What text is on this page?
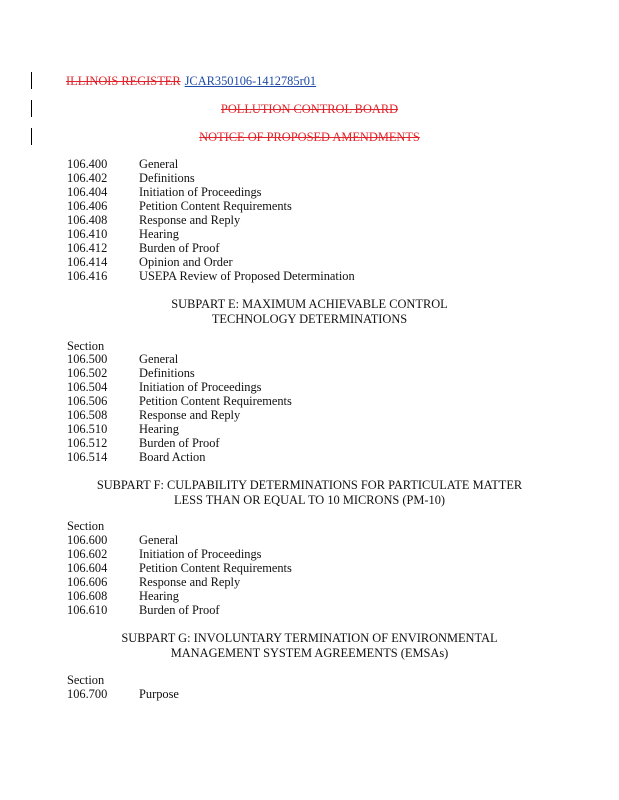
ILLINOIS REGISTER JCAR350106-1412785r01
POLLUTION CONTROL BOARD
NOTICE OF PROPOSED AMENDMENTS
106.400	General
106.402	Definitions
106.404	Initiation of Proceedings
106.406	Petition Content Requirements
106.408	Response and Reply
106.410	Hearing
106.412	Burden of Proof
106.414	Opinion and Order
106.416	USEPA Review of Proposed Determination
SUBPART E: MAXIMUM ACHIEVABLE CONTROL
TECHNOLOGY DETERMINATIONS
Section
106.500	General
106.502	Definitions
106.504	Initiation of Proceedings
106.506	Petition Content Requirements
106.508	Response and Reply
106.510	Hearing
106.512	Burden of Proof
106.514	Board Action
SUBPART F: CULPABILITY DETERMINATIONS FOR PARTICULATE MATTER
LESS THAN OR EQUAL TO 10 MICRONS (PM-10)
Section
106.600	General
106.602	Initiation of Proceedings
106.604	Petition Content Requirements
106.606	Response and Reply
106.608	Hearing
106.610	Burden of Proof
SUBPART G: INVOLUNTARY TERMINATION OF ENVIRONMENTAL
MANAGEMENT SYSTEM AGREEMENTS (EMSAs)
Section
106.700	Purpose
